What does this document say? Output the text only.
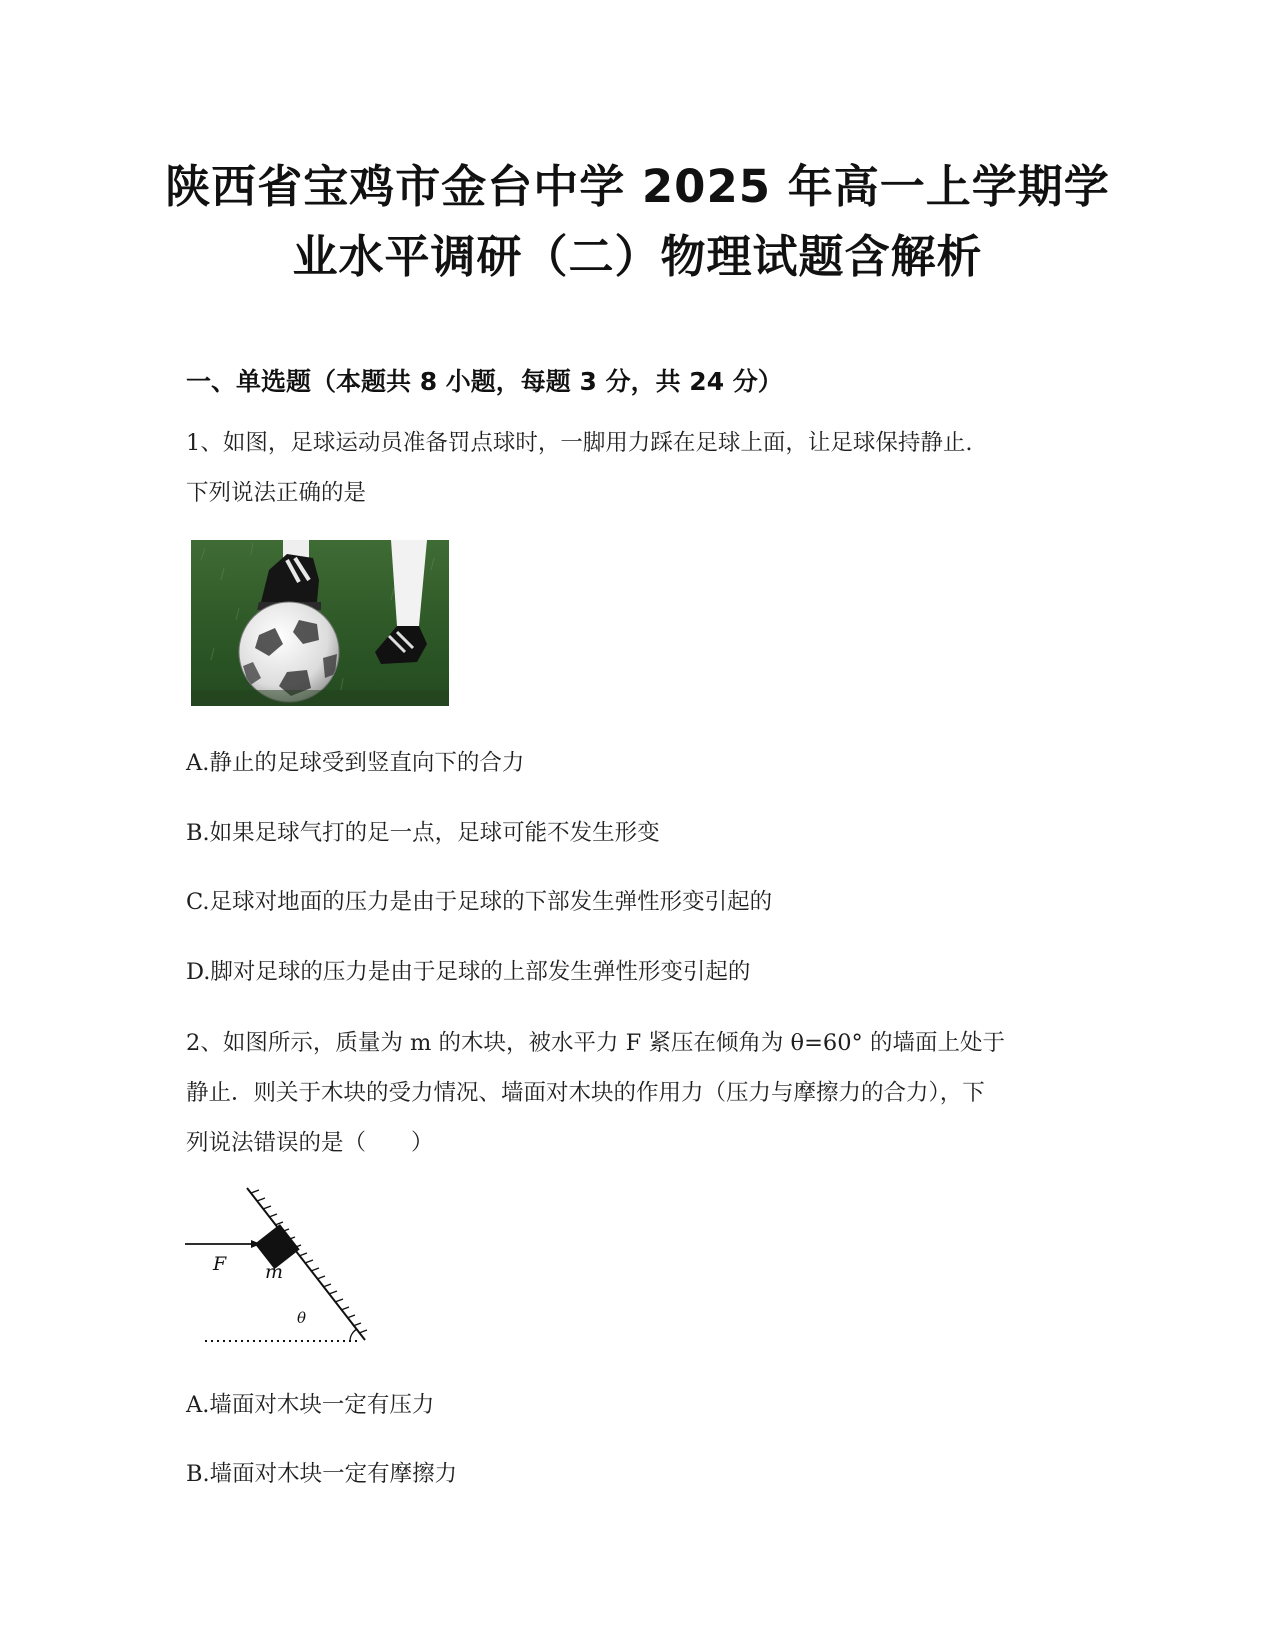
陕西省宝鸡市金台中学 2025 年高一上学期学
业水平调研（二）物理试题含解析
一、单选题（本题共 8 小题，每题 3 分，共 24 分）
1、如图，足球运动员准备罚点球时，一脚用力踩在足球上面，让足球保持静止.
下列说法正确的是
A.静止的足球受到竖直向下的合力
B.如果足球气打的足一点，足球可能不发生形变
C.足球对地面的压力是由于足球的下部发生弹性形变引起的
D.脚对足球的压力是由于足球的上部发生弹性形变引起的
2、如图所示，质量为 m 的木块，被水平力 F 紧压在倾角为 θ=60° 的墙面上处于
静止．则关于木块的受力情况、墙面对木块的作用力（压力与摩擦力的合力），下
列说法错误的是（　　）
F m
θ
A.墙面对木块一定有压力
B.墙面对木块一定有摩擦力
